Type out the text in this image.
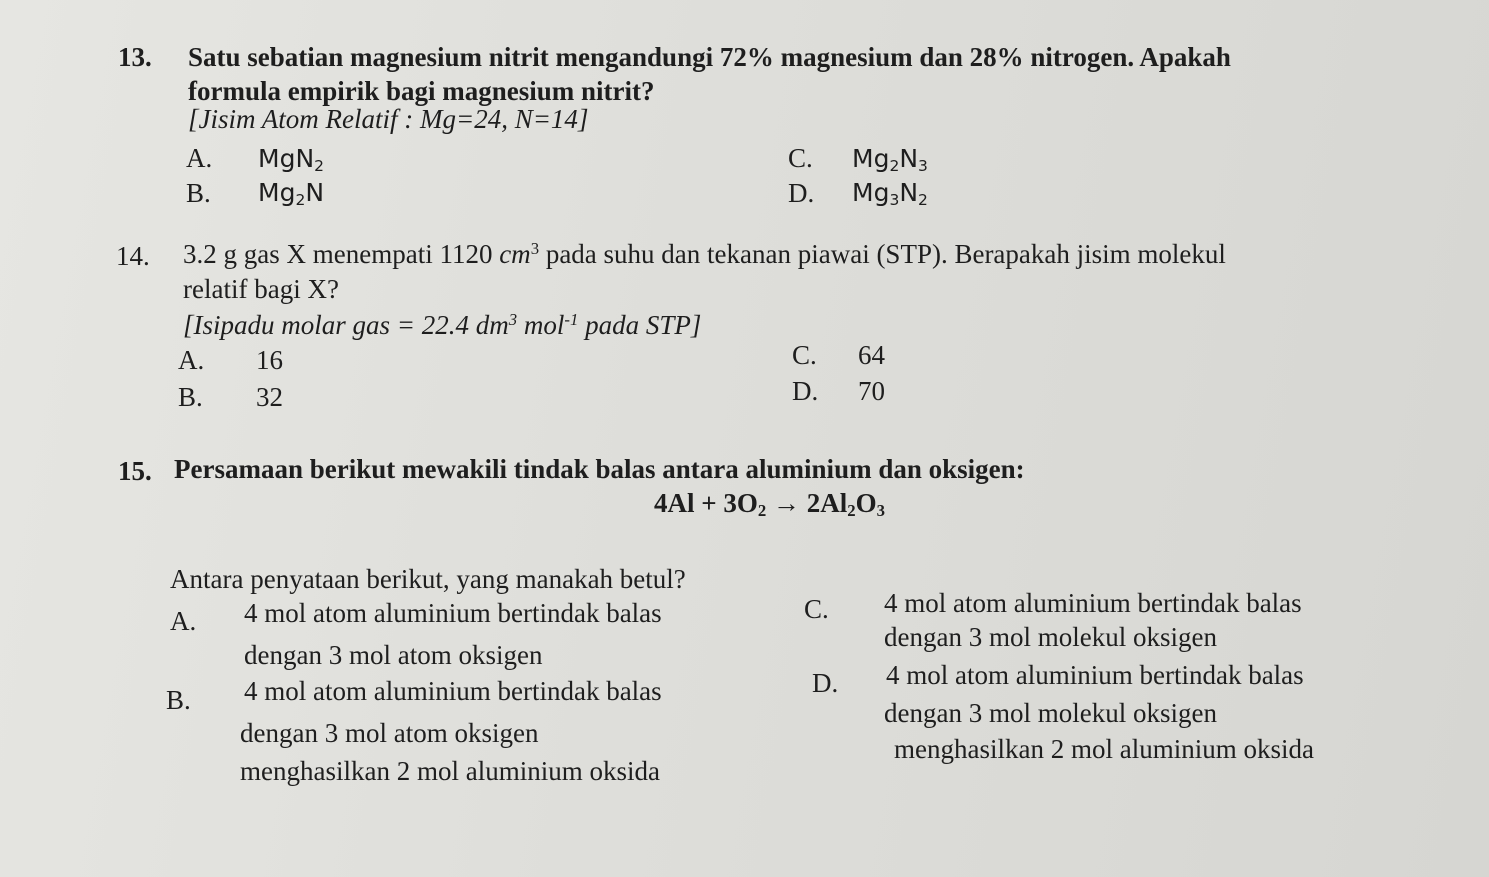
13. Satu sebatian magnesium nitrit mengandungi 72% magnesium dan 28% nitrogen. Apakah
formula empirik bagi magnesium nitrit?
[Jisim Atom Relatif : Mg=24, N=14]
A. MgN$_2$
B. $Mg_2N$
C. $Mg_2N_3$
D. $Mg_3N_2$
14. 3.2 g gas X menempati 1120 $cm^3$ pada suhu dan tekanan piawai (STP). Berapakah jisim molekul
relatif bagi X?
[Isipadu molar gas = 22.4 $dm^3$ mol$^{-1}$ pada STP]
A. 16
B. 32
C. 64
D. 70
15. Persamaan berikut mewakili tindak balas antara aluminium dan oksigen:
$4Al + 3O_2 \to 2Al_2O_3$
Antara penyataan berikut, yang manakah betul?
A. 4 mol atom aluminium bertindak balas
dengan 3 mol atom oksigen
B. 4 mol atom aluminium bertindak balas
dengan 3 mol atom oksigen
menghasilkan 2 mol aluminium oksida
C. 4 mol atom aluminium bertindak balas
dengan 3 mol molekul oksigen
D. 4 mol atom aluminium bertindak balas
dengan 3 mol molekul oksigen
menghasilkan 2 mol aluminium oksida
